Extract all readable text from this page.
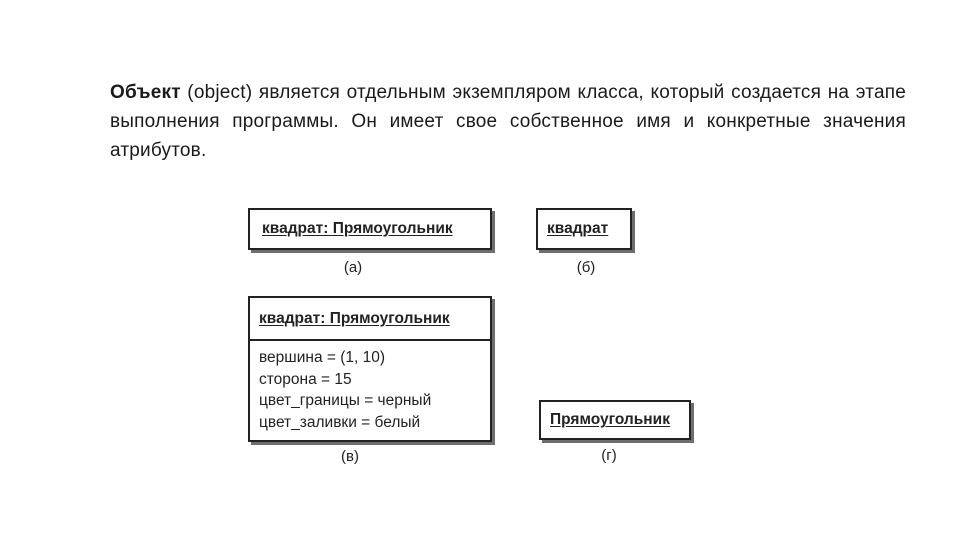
Объект (object) является отдельным экземпляром класса, который создается на этапе выполнения программы. Он имеет свое собственное имя и конкретные значения атрибутов.
квадрат: Прямоугольник
(а)
квадрат
(б)
квадрат: Прямоугольник
вершина = (1, 10)
сторона = 15
цвет_границы = черный
цвет_заливки = белый
(в)
Прямоугольник
(г)
